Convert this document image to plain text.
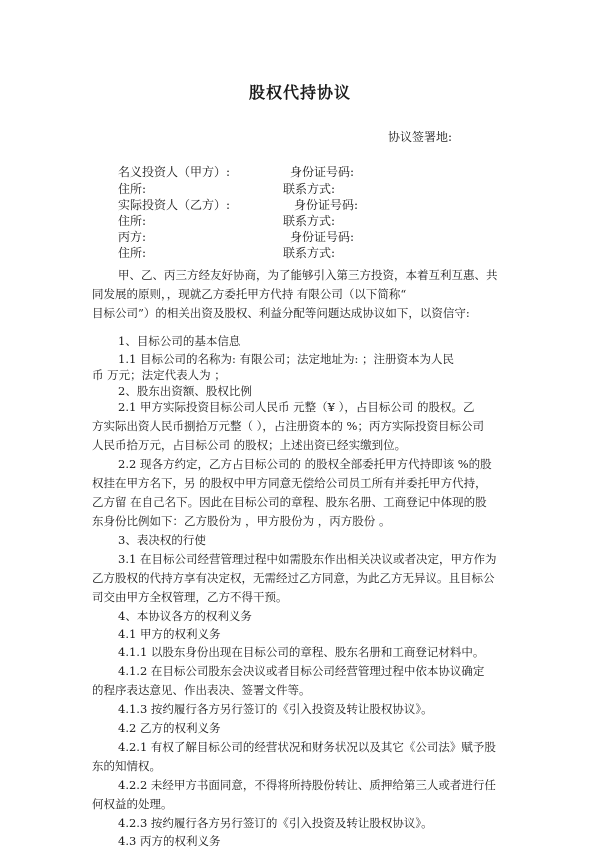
股权代持协议
协议签署地:
名义投资人（甲方）:	身份证号码:
住所:	联系方式:
实际投资人（乙方）:	身份证号码:
住所:	联系方式:
丙方:	身份证号码:
住所:	联系方式:
甲、乙、丙三方经友好协商，为了能够引入第三方投资，本着互利互惠、共
同发展的原则，，现就乙方委托甲方代持 有限公司（以下简称“
目标公司”）的相关出资及股权、利益分配等问题达成协议如下，以资信守:
1、目标公司的基本信息
1.1 目标公司的名称为: 有限公司；法定地址为: ；注册资本为人民
币 万元；法定代表人为 ；
2、股东出资额、股权比例
2.1 甲方实际投资目标公司人民币 元整（¥ ），占目标公司 的股权。乙
方实际出资人民币捌拾万元整（ ），占注册资本的 %；丙方实际投资目标公司
人民币拾万元，占目标公司 的股权；上述出资已经实缴到位。
2.2 现各方约定，乙方占目标公司的 的股权全部委托甲方代持即该 %的股
权挂在甲方名下，另 的股权中甲方同意无偿给公司员工所有并委托甲方代持，
乙方留 在自己名下。因此在目标公司的章程、股东名册、工商登记中体现的股
东身份比例如下：乙方股份为 ，甲方股份为 ，丙方股份 。
3、表决权的行使
3.1 在目标公司经营管理过程中如需股东作出相关决议或者决定，甲方作为
乙方股权的代持方享有决定权，无需经过乙方同意，为此乙方无异议。且目标公
司交由甲方全权管理，乙方不得干预。
4、本协议各方的权利义务
4.1 甲方的权利义务
4.1.1 以股东身份出现在目标公司的章程、股东名册和工商登记材料中。
4.1.2 在目标公司股东会决议或者目标公司经营管理过程中依本协议确定
的程序表达意见、作出表决、签署文件等。
4.1.3 按约履行各方另行签订的《引入投资及转让股权协议》。
4.2 乙方的权利义务
4.2.1 有权了解目标公司的经营状况和财务状况以及其它《公司法》赋予股
东的知情权。
4.2.2 未经甲方书面同意，不得将所持股份转让、质押给第三人或者进行任
何权益的处理。
4.2.3 按约履行各方另行签订的《引入投资及转让股权协议》。
4.3 丙方的权利义务
